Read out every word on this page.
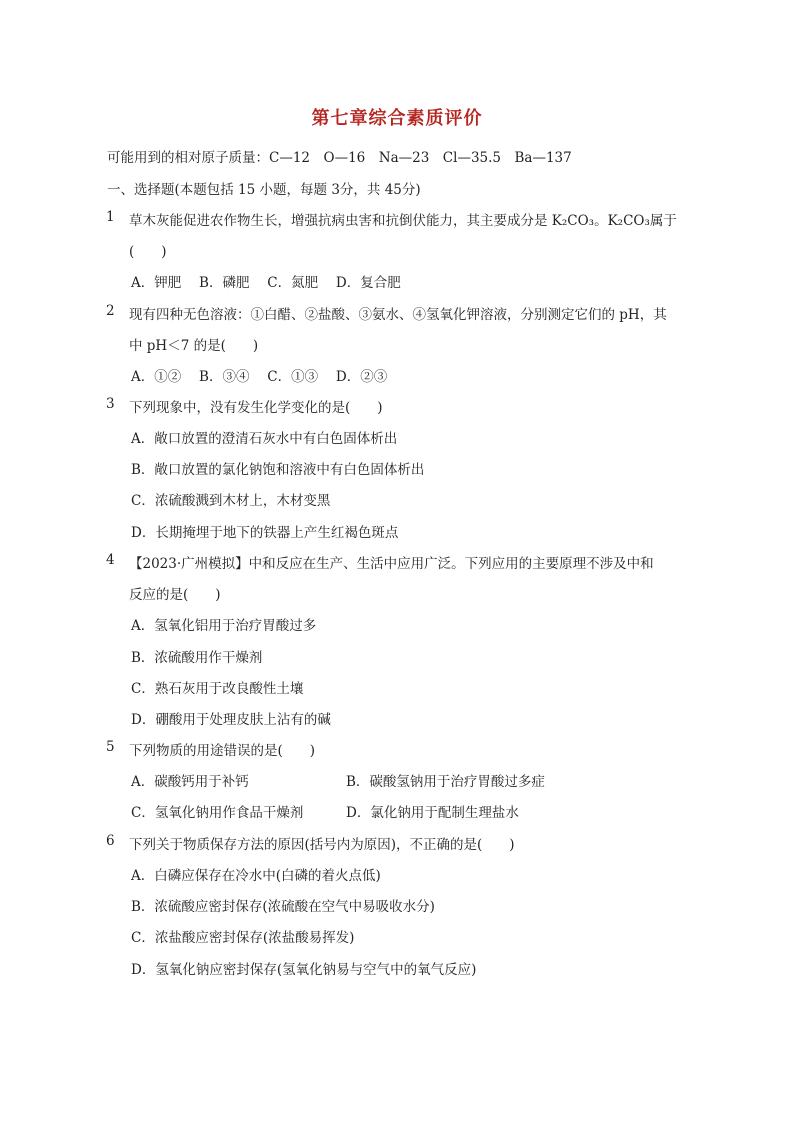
第七章综合素质评价
可能用到的相对原子质量：C—12　O—16　Na—23　Cl—35.5　Ba—137
一、选择题(本题包括 15 小题，每题 3分，共 45分)
1 草木灰能促进农作物生长，增强抗病虫害和抗倒伏能力，其主要成分是 K₂CO₃。K₂CO₃属于
(　　)
A．钾肥　 B．磷肥　 C．氮肥　 D．复合肥
2 现有四种无色溶液：①白醋、②盐酸、③氨水、④氢氧化钾溶液，分别测定它们的 pH，其
中 pH＜7 的是(　　)
A．①②　 B．③④　 C．①③　 D．②③
3 下列现象中，没有发生化学变化的是(　　)
A．敞口放置的澄清石灰水中有白色固体析出
B．敞口放置的氯化钠饱和溶液中有白色固体析出
C．浓硫酸溅到木材上，木材变黑
D．长期掩埋于地下的铁器上产生红褐色斑点
4 【2023·广州模拟】中和反应在生产、生活中应用广泛。下列应用的主要原理不涉及中和
反应的是(　　)
A．氢氧化铝用于治疗胃酸过多
B．浓硫酸用作干燥剂
C．熟石灰用于改良酸性土壤
D．硼酸用于处理皮肤上沾有的碱
5 下列物质的用途错误的是(　　)
A．碳酸钙用于补钙	B．碳酸氢钠用于治疗胃酸过多症
C．氢氧化钠用作食品干燥剂	D．氯化钠用于配制生理盐水
6 下列关于物质保存方法的原因(括号内为原因)，不正确的是(　　)
A．白磷应保存在冷水中(白磷的着火点低)
B．浓硫酸应密封保存(浓硫酸在空气中易吸收水分)
C．浓盐酸应密封保存(浓盐酸易挥发)
D．氢氧化钠应密封保存(氢氧化钠易与空气中的氧气反应)
